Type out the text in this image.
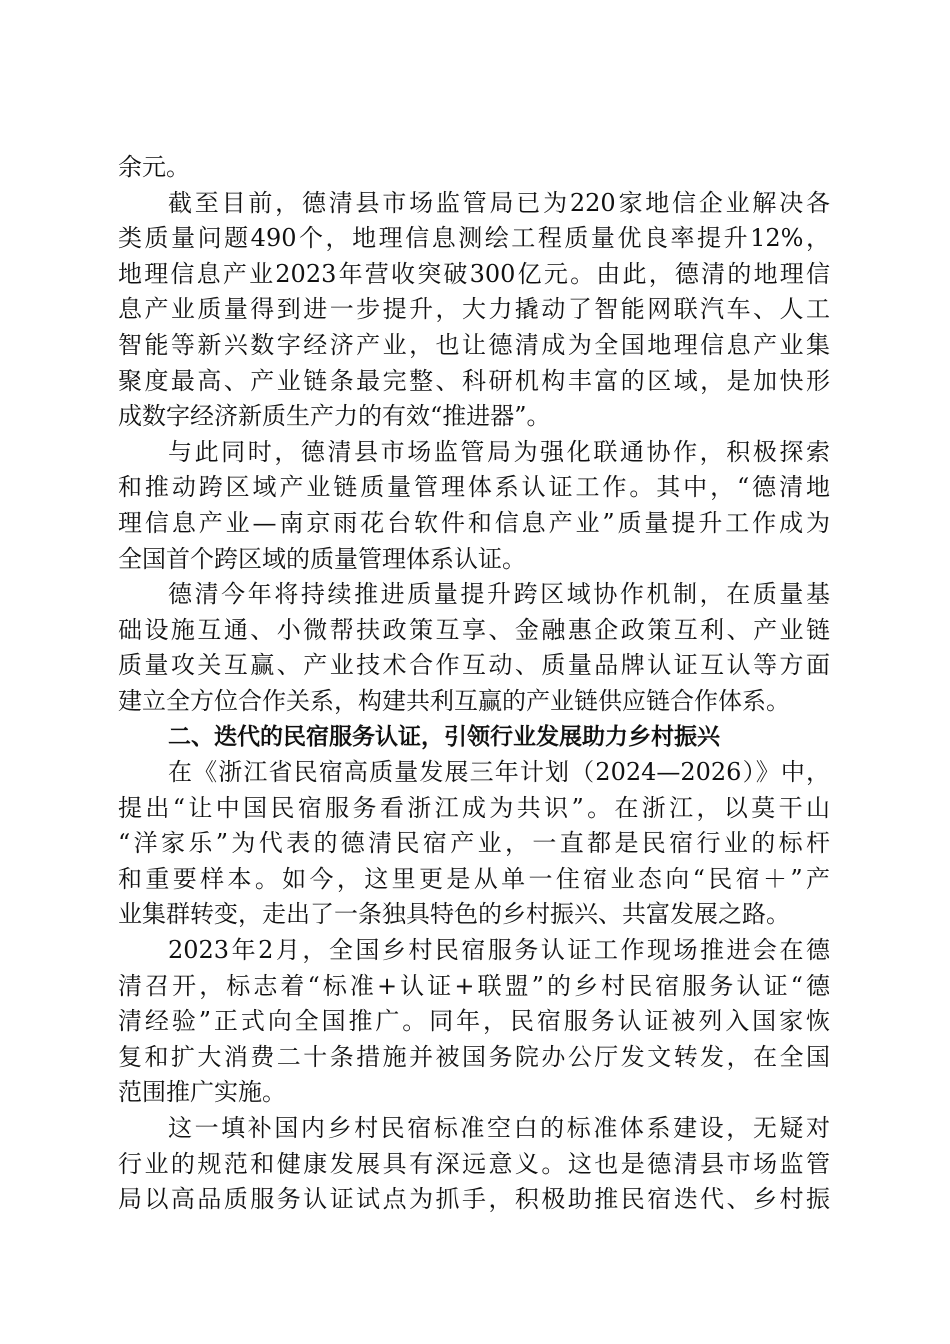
余元。
截至目前，德清县市场监管局已为220家地信企业解决各
类质量问题490个，地理信息测绘工程质量优良率提升12%，
地理信息产业2023年营收突破300亿元。由此，德清的地理信
息产业质量得到进一步提升，大力撬动了智能网联汽车、人工
智能等新兴数字经济产业，也让德清成为全国地理信息产业集
聚度最高、产业链条最完整、科研机构丰富的区域，是加快形
成数字经济新质生产力的有效“推进器”。
与此同时，德清县市场监管局为强化联通协作，积极探索
和推动跨区域产业链质量管理体系认证工作。其中，“德清地
理信息产业—南京雨花台软件和信息产业”质量提升工作成为
全国首个跨区域的质量管理体系认证。
德清今年将持续推进质量提升跨区域协作机制，在质量基
础设施互通、小微帮扶政策互享、金融惠企政策互利、产业链
质量攻关互赢、产业技术合作互动、质量品牌认证互认等方面
建立全方位合作关系，构建共利互赢的产业链供应链合作体系。
二、迭代的民宿服务认证，引领行业发展助力乡村振兴
在《浙江省民宿高质量发展三年计划（2024—2026）》中，
提出“让中国民宿服务看浙江成为共识”。在浙江，以莫干山
“洋家乐”为代表的德清民宿产业，一直都是民宿行业的标杆
和重要样本。如今，这里更是从单一住宿业态向“民宿＋”产
业集群转变，走出了一条独具特色的乡村振兴、共富发展之路。
2023年2月，全国乡村民宿服务认证工作现场推进会在德
清召开，标志着“标准+认证+联盟”的乡村民宿服务认证“德
清经验”正式向全国推广。同年，民宿服务认证被列入国家恢
复和扩大消费二十条措施并被国务院办公厅发文转发，在全国
范围推广实施。
这一填补国内乡村民宿标准空白的标准体系建设，无疑对
行业的规范和健康发展具有深远意义。这也是德清县市场监管
局以高品质服务认证试点为抓手，积极助推民宿迭代、乡村振
